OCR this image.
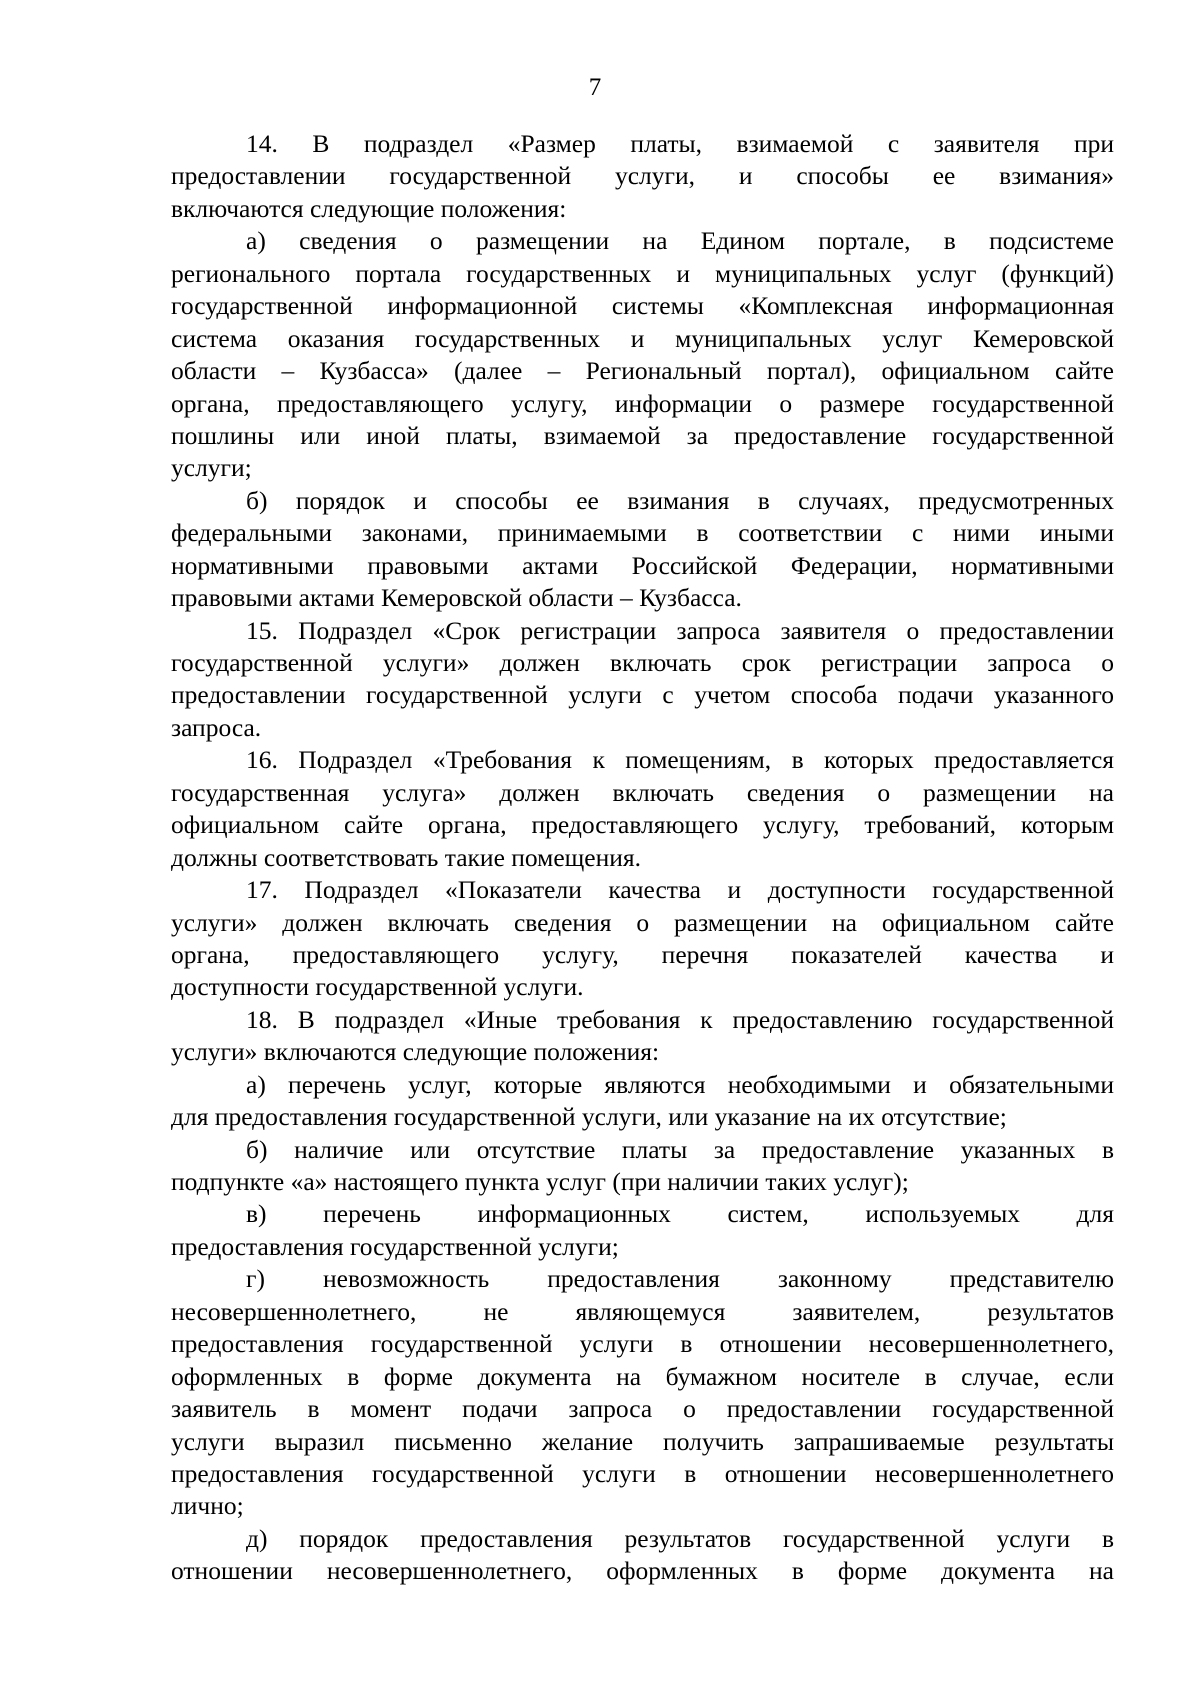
7
14. В подраздел «Размер платы, взимаемой с заявителя при
предоставлении государственной услуги, и способы ее взимания»
включаются следующие положения:
а) сведения о размещении на Едином портале, в подсистеме
регионального портала государственных и муниципальных услуг (функций)
государственной информационной системы «Комплексная информационная
система оказания государственных и муниципальных услуг Кемеровской
области – Кузбасса» (далее – Региональный портал), официальном сайте
органа, предоставляющего услугу, информации о размере государственной
пошлины или иной платы, взимаемой за предоставление государственной
услуги;
б) порядок и способы ее взимания в случаях, предусмотренных
федеральными законами, принимаемыми в соответствии с ними иными
нормативными правовыми актами Российской Федерации, нормативными
правовыми актами Кемеровской области – Кузбасса.
15. Подраздел «Срок регистрации запроса заявителя о предоставлении
государственной услуги» должен включать срок регистрации запроса о
предоставлении государственной услуги с учетом способа подачи указанного
запроса.
16. Подраздел «Требования к помещениям, в которых предоставляется
государственная услуга» должен включать сведения о размещении на
официальном сайте органа, предоставляющего услугу, требований, которым
должны соответствовать такие помещения.
17. Подраздел «Показатели качества и доступности государственной
услуги» должен включать сведения о размещении на официальном сайте
органа, предоставляющего услугу, перечня показателей качества и
доступности государственной услуги.
18. В подраздел «Иные требования к предоставлению государственной
услуги» включаются следующие положения:
а) перечень услуг, которые являются необходимыми и обязательными
для предоставления государственной услуги, или указание на их отсутствие;
б) наличие или отсутствие платы за предоставление указанных в
подпункте «а» настоящего пункта услуг (при наличии таких услуг);
в) перечень информационных систем, используемых для
предоставления государственной услуги;
г) невозможность предоставления законному представителю
несовершеннолетнего, не являющемуся заявителем, результатов
предоставления государственной услуги в отношении несовершеннолетнего,
оформленных в форме документа на бумажном носителе в случае, если
заявитель в момент подачи запроса о предоставлении государственной
услуги выразил письменно желание получить запрашиваемые результаты
предоставления государственной услуги в отношении несовершеннолетнего
лично;
д) порядок предоставления результатов государственной услуги в
отношении несовершеннолетнего, оформленных в форме документа на
